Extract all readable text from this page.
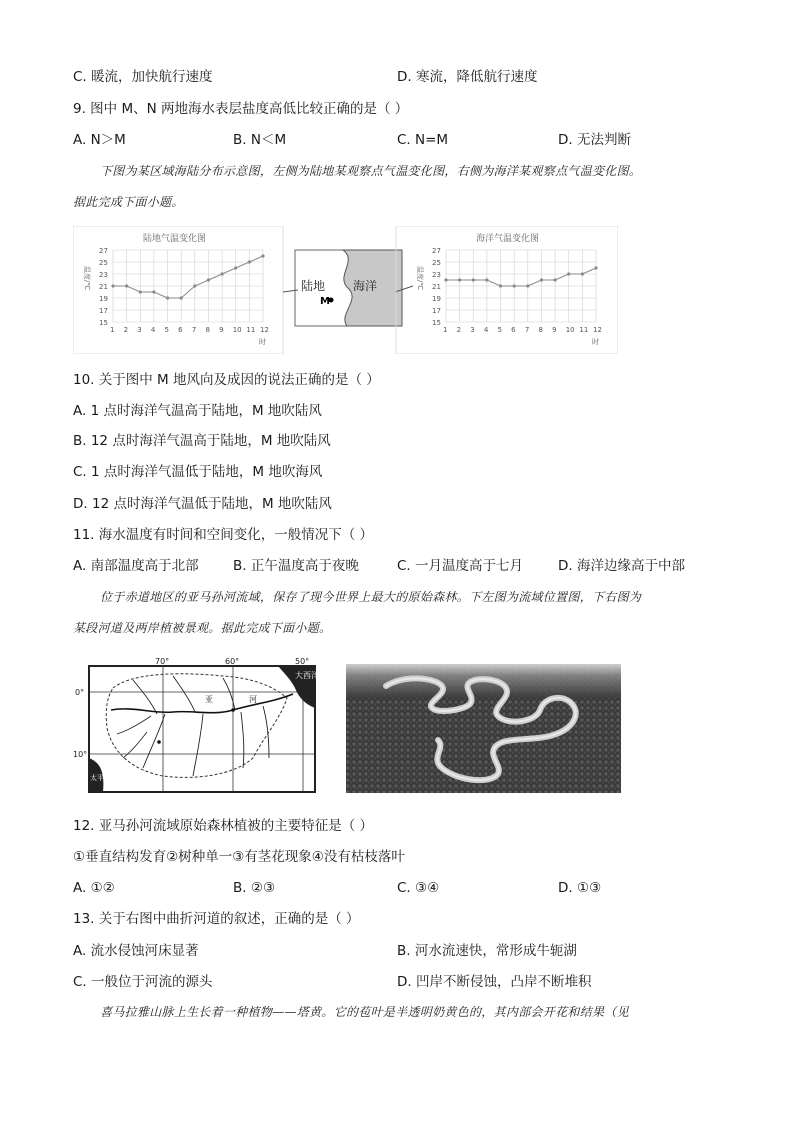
C. 暖流，加快航行速度	D. 寒流，降低航行速度
9. 图中 M、N 两地海水表层盐度高低比较正确的是（ ）
A. N＞M	B. N＜M	C. N=M	D. 无法判断
下图为某区域海陆分布示意图，左侧为陆地某观察点气温变化图，右侧为海洋某观察点气温变化图。
据此完成下面小题。
陆地气温变化图
温度/℃
15
17
19
21
23
25
27
1 2 3 4 5 6 7 8 9 10 11 12
时
陆地 海洋
M
海洋气温变化图
温度/℃
15
17
19
21
23
25
27
1 2 3 4 5 6 7 8 9 10 11 12
时
10. 关于图中 M 地风向及成因的说法正确的是（ ）
A. 1 点时海洋气温高于陆地，M 地吹陆风
B. 12 点时海洋气温高于陆地，M 地吹陆风
C. 1 点时海洋气温低于陆地，M 地吹海风
D. 12 点时海洋气温低于陆地，M 地吹陆风
11. 海水温度有时间和空间变化，一般情况下（ ）
A. 南部温度高于北部	B. 正午温度高于夜晚	C. 一月温度高于七月	D. 海洋边缘高于中部
位于赤道地区的亚马孙河流域，保存了现今世界上最大的原始森林。下左图为流域位置图，下右图为
某段河道及两岸植被景观。据此完成下面小题。
70°	60°	50°
0°
10°
大西洋
太平洋
亚	河
12. 亚马孙河流域原始森林植被的主要特征是（ ）
①垂直结构发育②树种单一③有茎花现象④没有枯枝落叶
A. ①②	B. ②③	C. ③④	D. ①③
13. 关于右图中曲折河道的叙述，正确的是（ ）
A. 流水侵蚀河床显著	B. 河水流速快，常形成牛轭湖
C. 一般位于河流的源头	D. 凹岸不断侵蚀，凸岸不断堆积
喜马拉雅山脉上生长着一种植物——塔黄。它的苞叶是半透明奶黄色的，其内部会开花和结果（见
